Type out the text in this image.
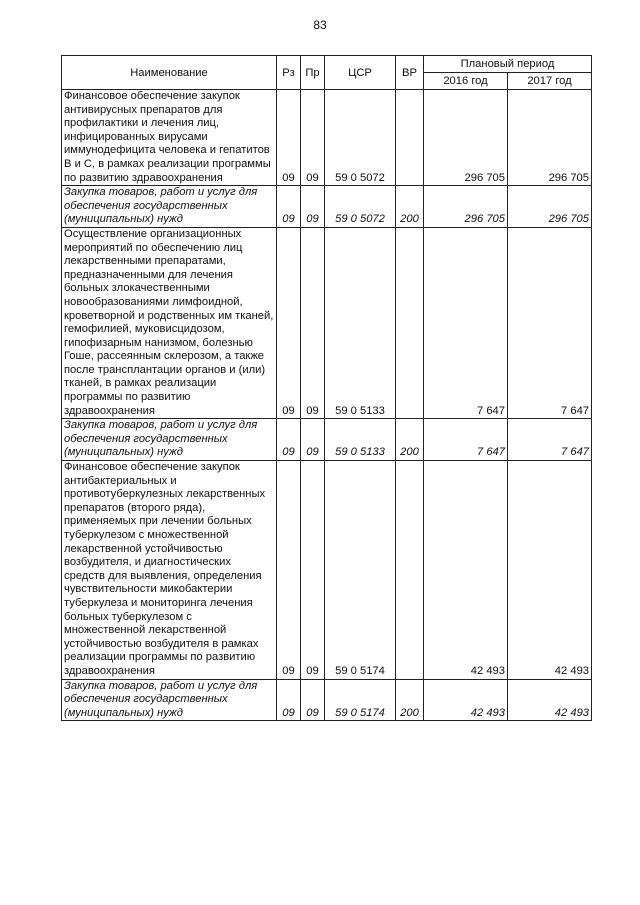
83
Наименование	Рз	Пр	ЦСР	ВР	Плановый период	
					2016 год	2017 год
Финансовое обеспечение закупок антивирусных препаратов для профилактики и лечения лиц, инфицированных вирусами иммунодефицита человека и гепатитов В и С, в рамках реализации программы по развитию здравоохранения	09	09	59 0 5072		296 705	296 705
Закупка товаров, работ и услуг для обеспечения государственных (муниципальных) нужд	09	09	59 0 5072	200	296 705	296 705
Осуществление организационных мероприятий по обеспечению лиц лекарственными препаратами, предназначенными для лечения больных злокачественными новообразованиями лимфоидной, кроветворной и родственных им тканей, гемофилией, муковисцидозом, гипофизарным нанизмом, болезнью Гоше, рассеянным склерозом, а также после трансплантации органов и (или) тканей, в рамках реализации программы по развитию здравоохранения	09	09	59 0 5133		7 647	7 647
Закупка товаров, работ и услуг для обеспечения государственных (муниципальных) нужд	09	09	59 0 5133	200	7 647	7 647
Финансовое обеспечение закупок антибактериальных и противотуберкулезных лекарственных препаратов (второго ряда), применяемых при лечении больных туберкулезом с множественной лекарственной устойчивостью возбудителя, и диагностических средств для выявления, определения чувствительности микобактерии туберкулеза и мониторинга лечения больных туберкулезом с множественной лекарственной устойчивостью возбудителя в рамках реализации программы по развитию здравоохранения	09	09	59 0 5174		42 493	42 493
Закупка товаров, работ и услуг для обеспечения государственных (муниципальных) нужд	09	09	59 0 5174	200	42 493	42 493
